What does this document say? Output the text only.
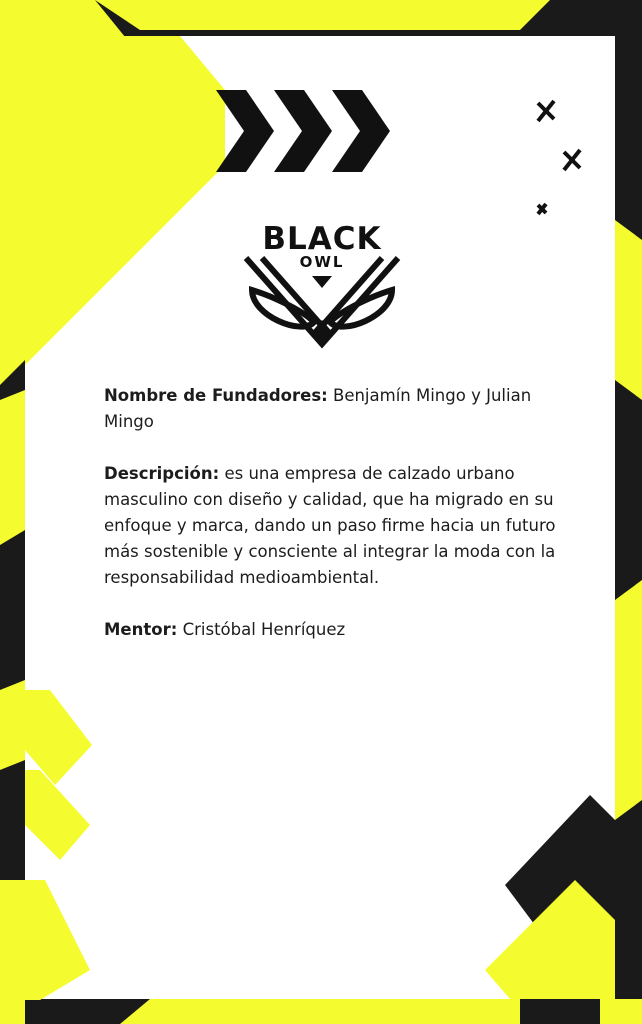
BLACK
OWL

Nombre de Fundadores: Benjamín Mingo y Julian Mingo

Descripción: es una empresa de calzado urbano masculino con diseño y calidad, que ha migrado en su enfoque y marca, dando un paso firme hacia un futuro más sostenible y consciente al integrar la moda con la responsabilidad medioambiental.

Mentor: Cristóbal Henríquez
